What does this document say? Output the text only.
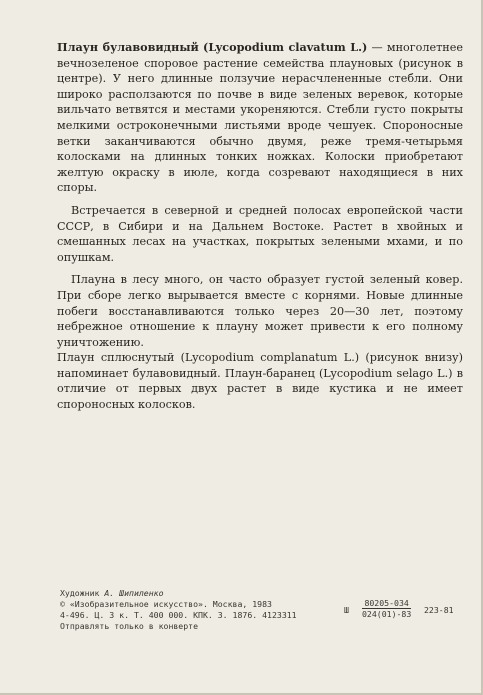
Плаун булавовидный (Lycopodium clavatum L.) — многолетнее вечнозеленое споровое растение семейства плауновых (рисунок в центре). У него длинные ползучие нерасчлененные стебли. Они широко расползаются по почве в виде зеленых веревок, которые вильчато ветвятся и местами укореняются. Стебли густо покрыты мелкими остроконечными листьями вроде чешуек. Спороносные ветки заканчиваются обычно двумя, реже тремя-четырьмя колосками на длинных тонких ножках. Колоски приобретают желтую окраску в июле, когда созревают находящиеся в них споры.

Встречается в северной и средней полосах европейской части СССР, в Сибири и на Дальнем Востоке. Растет в хвойных и смешанных лесах на участках, покрытых зелеными мхами, и по опушкам.

Плауна в лесу много, он часто образует густой зеленый ковер. При сборе легко вырывается вместе с корнями. Новые длинные побеги восстанавливаются только через 20—30 лет, поэтому небрежное отношение к плауну может привести к его полному уничтожению.

Плаун сплюснутый (Lycopodium complanatum L.) (рисунок внизу) напоминает булавовидный. Плаун-баранец (Lycopodium selago L.) в отличие от первых двух растет в виде кустика и не имеет спороносных колосков.

Художник А. Шипиленко
© «Изобразительное искусство». Москва, 1983
4-496. Ц. 3 к. Т. 400 000. КПК. 3. 1876. 4123311
Отправлять только в конверте
Ш $\frac{80205-034}{024(01)-83} 223-81$
